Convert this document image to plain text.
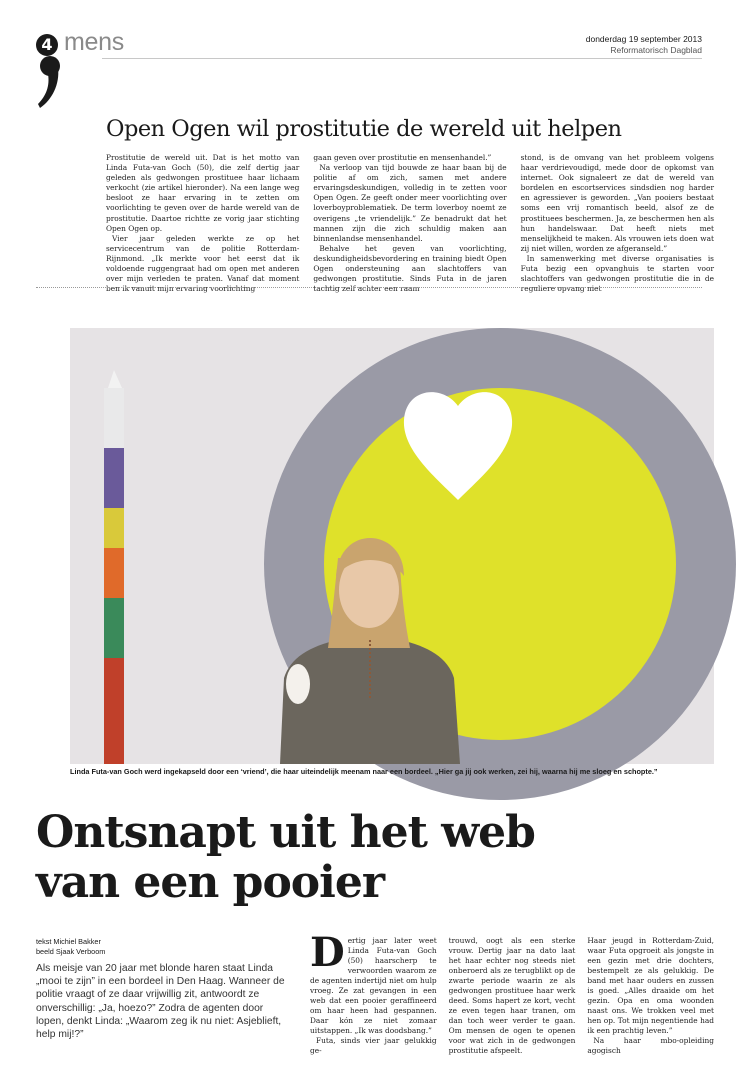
4 mens	donderdag 19 september 2013
Reformatorisch Dagblad
Open Ogen wil prostitutie de wereld uit helpen

Prostitutie de wereld uit. Dat is het motto van Linda Futa-van Goch (50), die zelf dertig jaar geleden als gedwongen prostituee haar lichaam verkocht (zie artikel hieronder). Na een lange weg besloot ze haar ervaring in te zetten om voorlichting te geven over de harde wereld van de prostitutie. Daartoe richtte ze vorig jaar stichting Open Ogen op.

Vier jaar geleden werkte ze op het servicecentrum van de politie Rotterdam-Rijnmond. „Ik merkte voor het eerst dat ik voldoende ruggengraat had om open met anderen over mijn verleden te praten. Vanaf dat moment ben ik vanuit mijn ervaring voorlichting

gaan geven over prostitutie en mensenhandel.”

Na verloop van tijd bouwde ze haar baan bij de politie af om zich, samen met andere ervaringsdeskundigen, volledig in te zetten voor Open Ogen. Ze geeft onder meer voorlichting over loverboyproblematiek. De term loverboy noemt ze overigens „te vriendelijk.” Ze benadrukt dat het mannen zijn die zich schuldig maken aan binnenlandse mensenhandel.

Behalve het geven van voorlichting, deskundigheidsbevordering en training biedt Open Ogen ondersteuning aan slachtoffers van gedwongen prostitutie. Sinds Futa in de jaren tachtig zelf achter een raam

stond, is de omvang van het probleem volgens haar verdrievoudigd, mede door de opkomst van internet. Ook signaleert ze dat de wereld van bordelen en escortservices sindsdien nog harder en agressiever is geworden. „Van pooiers bestaat soms een vrij romantisch beeld, alsof ze de prostituees beschermen. Ja, ze beschermen hen als hun handelswaar. Dat heeft niets met menselijkheid te maken. Als vrouwen iets doen wat zij niet willen, worden ze afgeranseld.”

In samenwerking met diverse organisaties is Futa bezig een opvanghuis te starten voor slachtoffers van gedwongen prostitutie die in de reguliere opvang niet

Linda Futa-van Goch werd ingekapseld door een ‘vriend’, die haar uiteindelijk meenam naar een bordeel. „Hier ga jij ook werken, zei hij, waarna hij me sloeg en schopte.”
Ontsnapt uit het web
van een pooier
tekst Michiel Bakker
beeld Sjaak Verboom
Als meisje van 20 jaar met blonde haren staat Linda „mooi te zijn” in een bordeel in Den Haag. Wanneer de politie vraagt of ze daar vrijwillig zit, antwoordt ze onverschillig: „Ja, hoezo?” Zodra de agenten door lopen, denkt Linda: „Waarom zeg ik nu niet: Asjeblieft, help mij!?”

Dertig jaar later weet Linda Futa-van Goch (50) haarscherp te verwoorden waarom ze de agenten indertijd niet om hulp vroeg. Ze zat gevangen in een web dat een pooier geraffineerd om haar heen had gespannen. Daar kón ze niet zomaar uitstappen. „Ik was doodsbang.”

Futa, sinds vier jaar gelukkig ge-

trouwd, oogt als een sterke vrouw. Dertig jaar na dato laat het haar echter nog steeds niet onberoerd als ze terugblikt op de zwarte periode waarin ze als gedwongen prostituee haar werk deed. Soms hapert ze kort, vecht ze even tegen haar tranen, om dan toch weer verder te gaan. Om mensen de ogen te openen voor wat zich in de gedwongen prostitutie afspeelt.

Haar jeugd in Rotterdam-Zuid, waar Futa opgroeit als jongste in een gezin met drie dochters, bestempelt ze als gelukkig. De band met haar ouders en zussen is goed. „Alles draaide om het gezin. Opa en oma woonden naast ons. We trokken veel met hen op. Tot mijn negentiende had ik een prachtig leven.”

Na haar mbo-opleiding agogisch
